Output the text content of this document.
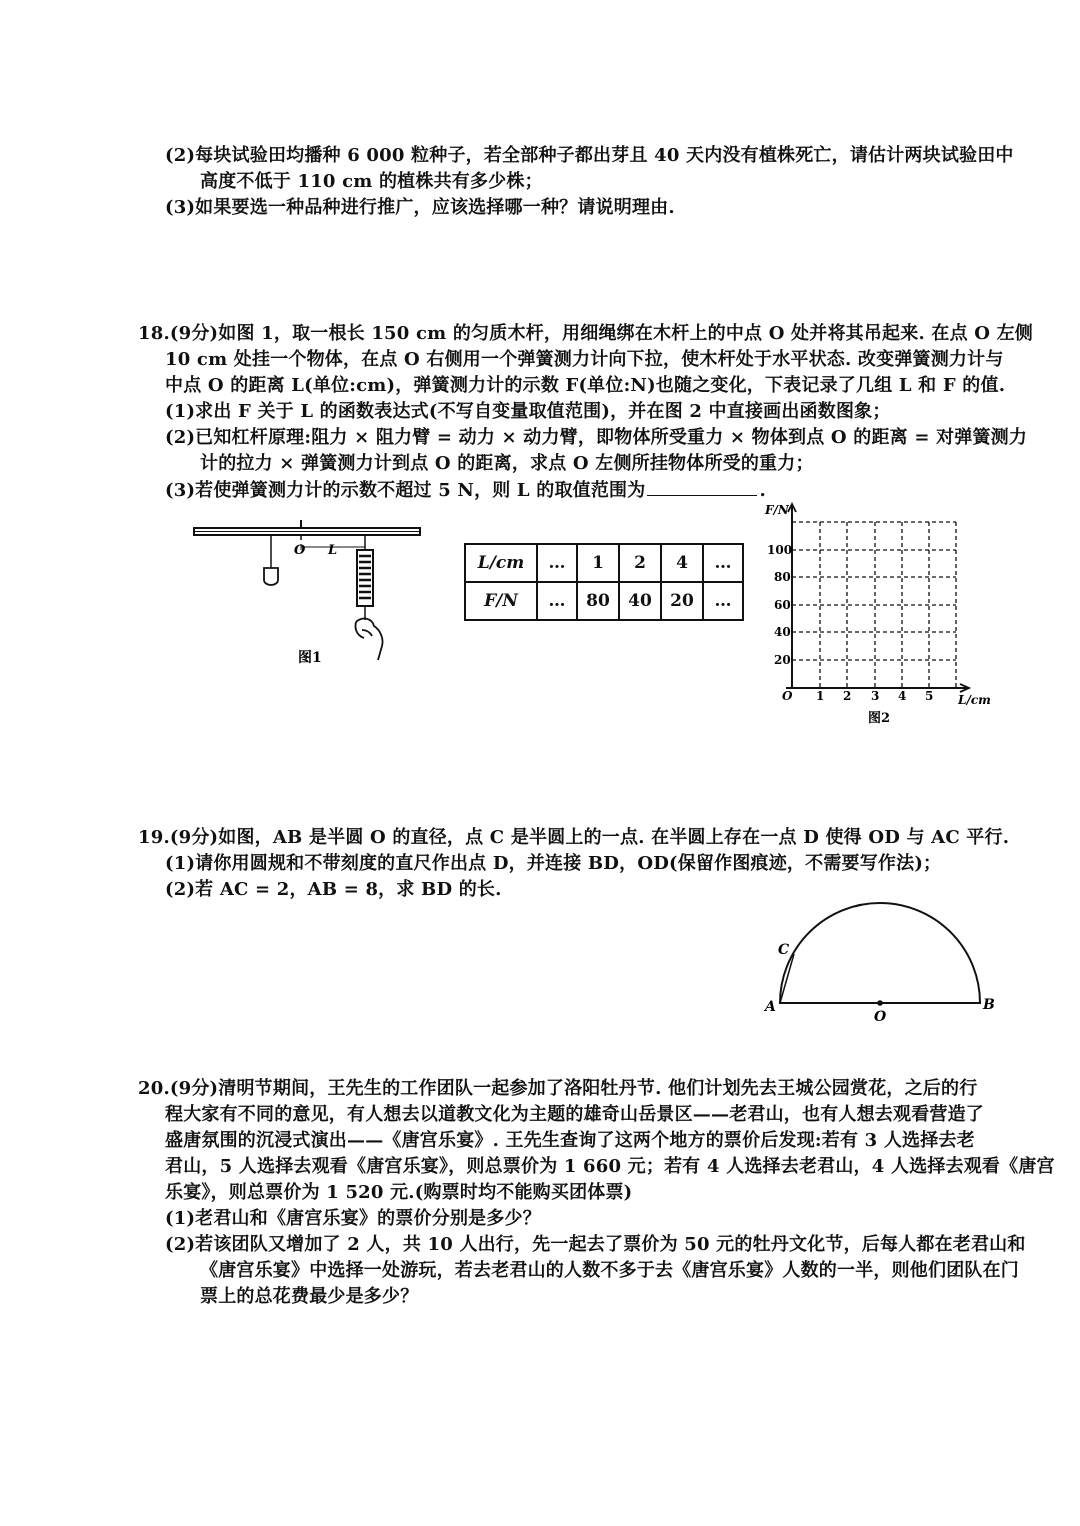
(2)每块试验田均播种 6 000 粒种子，若全部种子都出芽且 40 天内没有植株死亡，请估计两块试验田中
高度不低于 110 cm 的植株共有多少株；
(3)如果要选一种品种进行推广，应该选择哪一种？请说明理由.
18.(9分)如图 1，取一根长 150 cm 的匀质木杆，用细绳绑在木杆上的中点 O 处并将其吊起来. 在点 O 左侧
10 cm 处挂一个物体，在点 O 右侧用一个弹簧测力计向下拉，使木杆处于水平状态. 改变弹簧测力计与
中点 O 的距离 L(单位:cm)，弹簧测力计的示数 F(单位:N)也随之变化，下表记录了几组 L 和 F 的值.
(1)求出 F 关于 L 的函数表达式(不写自变量取值范围)，并在图 2 中直接画出函数图象；
(2)已知杠杆原理:阻力 × 阻力臂 = 动力 × 动力臂，即物体所受重力 × 物体到点 O 的距离 = 对弹簧测力
计的拉力 × 弹簧测力计到点 O 的距离，求点 O 左侧所挂物体所受的重力；
(3)若使弹簧测力计的示数不超过 5 N，则 L 的取值范围为	.
O L
图1
L/cm	…	1	2	4	…
F/N	…	80	40	20	…
F/N
100
80
60
40
20
O 1 2 3 4 5 L/cm
图2
19.(9分)如图，AB 是半圆 O 的直径，点 C 是半圆上的一点. 在半圆上存在一点 D 使得 OD 与 AC 平行.
(1)请你用圆规和不带刻度的直尺作出点 D，并连接 BD，OD(保留作图痕迹，不需要写作法)；
(2)若 AC = 2，AB = 8，求 BD 的长.
A	B
C
O
20.(9分)清明节期间，王先生的工作团队一起参加了洛阳牡丹节. 他们计划先去王城公园赏花，之后的行
程大家有不同的意见，有人想去以道教文化为主题的雄奇山岳景区——老君山，也有人想去观看营造了
盛唐氛围的沉浸式演出——《唐宫乐宴》. 王先生查询了这两个地方的票价后发现:若有 3 人选择去老
君山，5 人选择去观看《唐宫乐宴》，则总票价为 1 660 元；若有 4 人选择去老君山，4 人选择去观看《唐宫
乐宴》，则总票价为 1 520 元.(购票时均不能购买团体票)
(1)老君山和《唐宫乐宴》的票价分别是多少？
(2)若该团队又增加了 2 人，共 10 人出行，先一起去了票价为 50 元的牡丹文化节，后每人都在老君山和
《唐宫乐宴》中选择一处游玩，若去老君山的人数不多于去《唐宫乐宴》人数的一半，则他们团队在门
票上的总花费最少是多少？
